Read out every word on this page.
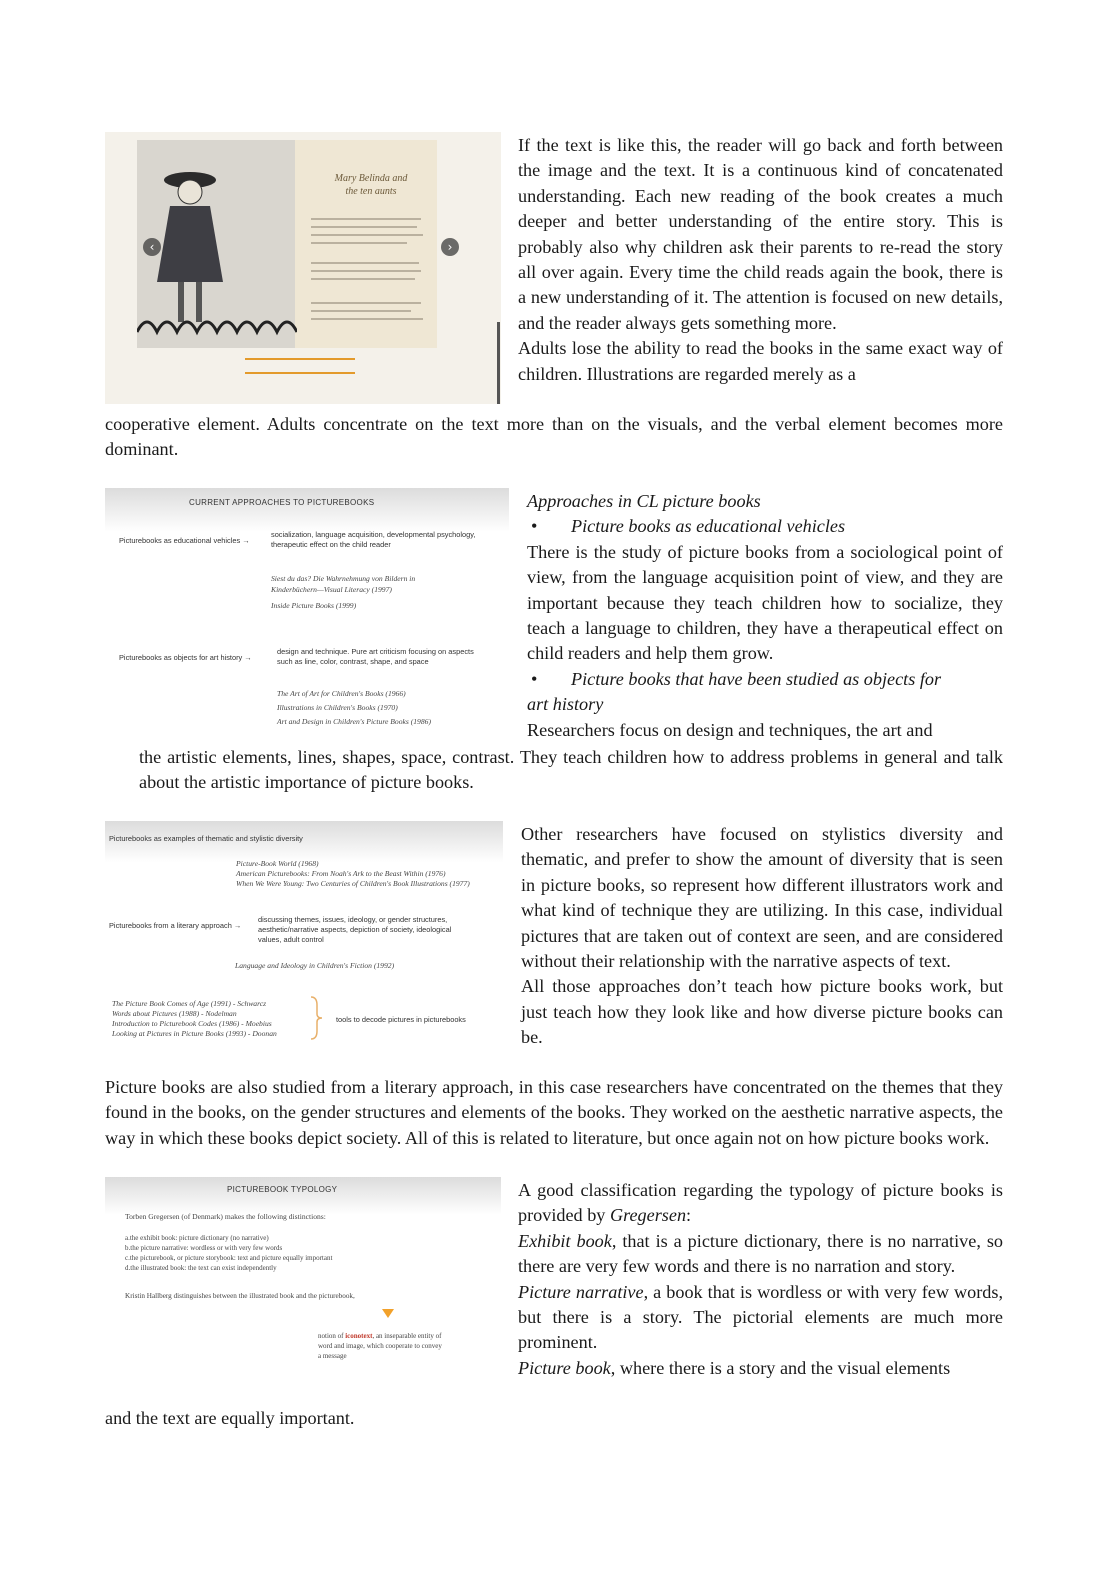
Mary Belinda and the ten aunts
‹	›

If the text is like this, the reader will go back and forth between the image and the text. It is a continuous kind of concatenated understanding. Each new reading of the book creates a much deeper and better understanding of the entire story. This is probably also why children ask their parents to re-read the story all over again. Every time the child reads again the book, there is a new understanding of it. The attention is focused on new details, and the reader always gets something more.

Adults lose the ability to read the books in the same exact way of children. Illustrations are regarded merely as a

cooperative element. Adults concentrate on the text more than on the visuals, and the verbal element becomes more dominant.

CURRENT APPROACHES TO PICTUREBOOKS
Picturebooks as educational vehicles →

socialization, language acquisition, developmental psychology,

therapeutic effect on the child reader

Siest du das? Die Wahrnehmung von Bildern in

Kinderbüchern—Visual Literacy (1997)

Inside Picture Books (1999)

Picturebooks as objects for art history →

design and technique. Pure art criticism focusing on aspects

such as line, color, contrast, shape, and space

The Art of Art for Children's Books (1966)

Illustrations in Children's Books (1970)

Art and Design in Children's Picture Books (1986)

Approaches in CL picture books

•	Picture books as educational vehicles

There is the study of picture books from a sociological point of view, from the language acquisition point of view, and they are important because they teach children how to socialize, they teach a language to children, they have a therapeutical effect on child readers and help them grow.

•	Picture books that have been studied as objects for

art history

Researchers focus on design and techniques, the art and

the artistic elements, lines, shapes, space, contrast. They teach children how to address problems in general and talk about the artistic importance of picture books.

Picturebooks as examples of thematic and stylistic diversity

Picture-Book World (1968)

American Picturebooks: From Noah's Ark to the Beast Within (1976)

When We Were Young: Two Centuries of Children's Book Illustrations (1977)

Picturebooks from a literary approach →

discussing themes, issues, ideology, or gender structures,

aesthetic/narrative aspects, depiction of society, ideological

values, adult control

Language and Ideology in Children's Fiction (1992)

The Picture Book Comes of Age (1991) - Schwarcz

Words about Pictures (1988) - Nodelman

Introduction to Picturebook Codes (1986) - Moebius

Looking at Pictures in Picture Books (1993) - Doonan

tools to decode pictures in picturebooks

Other researchers have focused on stylistics diversity and thematic, and prefer to show the amount of diversity that is seen in picture books, so represent how different illustrators work and what kind of technique they are utilizing. In this case, individual pictures that are taken out of context are seen, and are considered without their relationship with the narrative aspects of text.

All those approaches don’t teach how picture books work, but just teach how they look like and how diverse picture books can be.

Picture books are also studied from a literary approach, in this case researchers have concentrated on the themes that they found in the books, on the gender structures and elements of the books. They worked on the aesthetic narrative aspects, the way in which these books depict society. All of this is related to literature, but once again not on how picture books work.

PICTUREBOOK TYPOLOGY
Torben Gregersen (of Denmark) makes the following distinctions:

a.the exhibit book: picture dictionary (no narrative)

b.the picture narrative: wordless or with very few words

c.the picturebook, or picture storybook: text and picture equally important

d.the illustrated book: the text can exist independently

Kristin Hallberg distinguishes between the illustrated book and the picturebook,

notion of iconotext, an inseparable entity of

word and image, which cooperate to convey

a message

A good classification regarding the typology of picture books is provided by Gregersen:

Exhibit book, that is a picture dictionary, there is no narrative, so there are very few words and there is no narration and story.

Picture narrative, a book that is wordless or with very few words, but there is a story. The pictorial elements are much more prominent.

Picture book, where there is a story and the visual elements

and the text are equally important.
